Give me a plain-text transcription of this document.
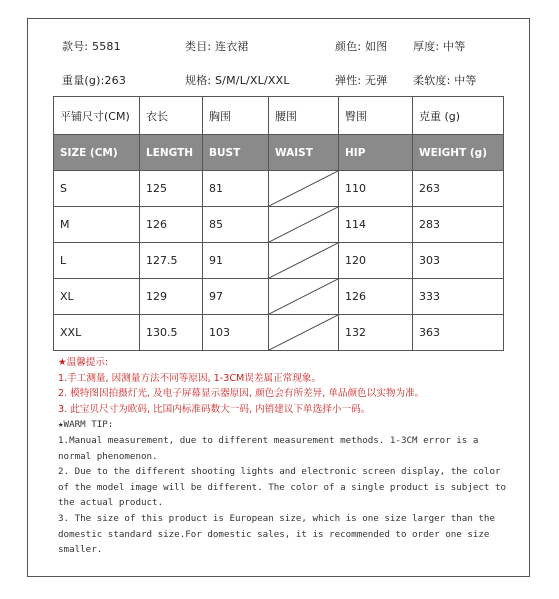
款号: 5581	类目: 连衣裙	颜色: 如图 厚度: 中等
重量(g):263	规格: S/M/L/XL/XXL	弹性: 无弹 柔软度: 中等
平铺尺寸(CM)	衣长	胸围	腰围	臀围	克重 (g)
SIZE (CM)	LENGTH	BUST	WAIST	HIP	WEIGHT (g)
S	125	81		110	263
M	126	85		114	283
L	127.5	91		120	303
XL	129	97		126	333
XXL	130.5	103		132	363

★温馨提示:

1.手工测量, 因测量方法不同等原因, 1-3CM误差属正常现象。

2. 模特图因拍摄灯光, 及电子屏幕显示器原因, 颜色会有所差异, 单品颜色以实物为准。

3. 此宝贝尺寸为欧码, 比国内标准码数大一码, 内销建议下单选择小一码。

★WARM TIP:

1.Manual measurement, due to different measurement methods. 1-3CM error is a normal phenomenon.

2. Due to the different shooting lights and electronic screen display, the color of the model image will be different. The color of a single product is subject to the actual product.

3. The size of this product is European size, which is one size larger than the domestic standard size.For domestic sales, it is recommended to order one size smaller.
